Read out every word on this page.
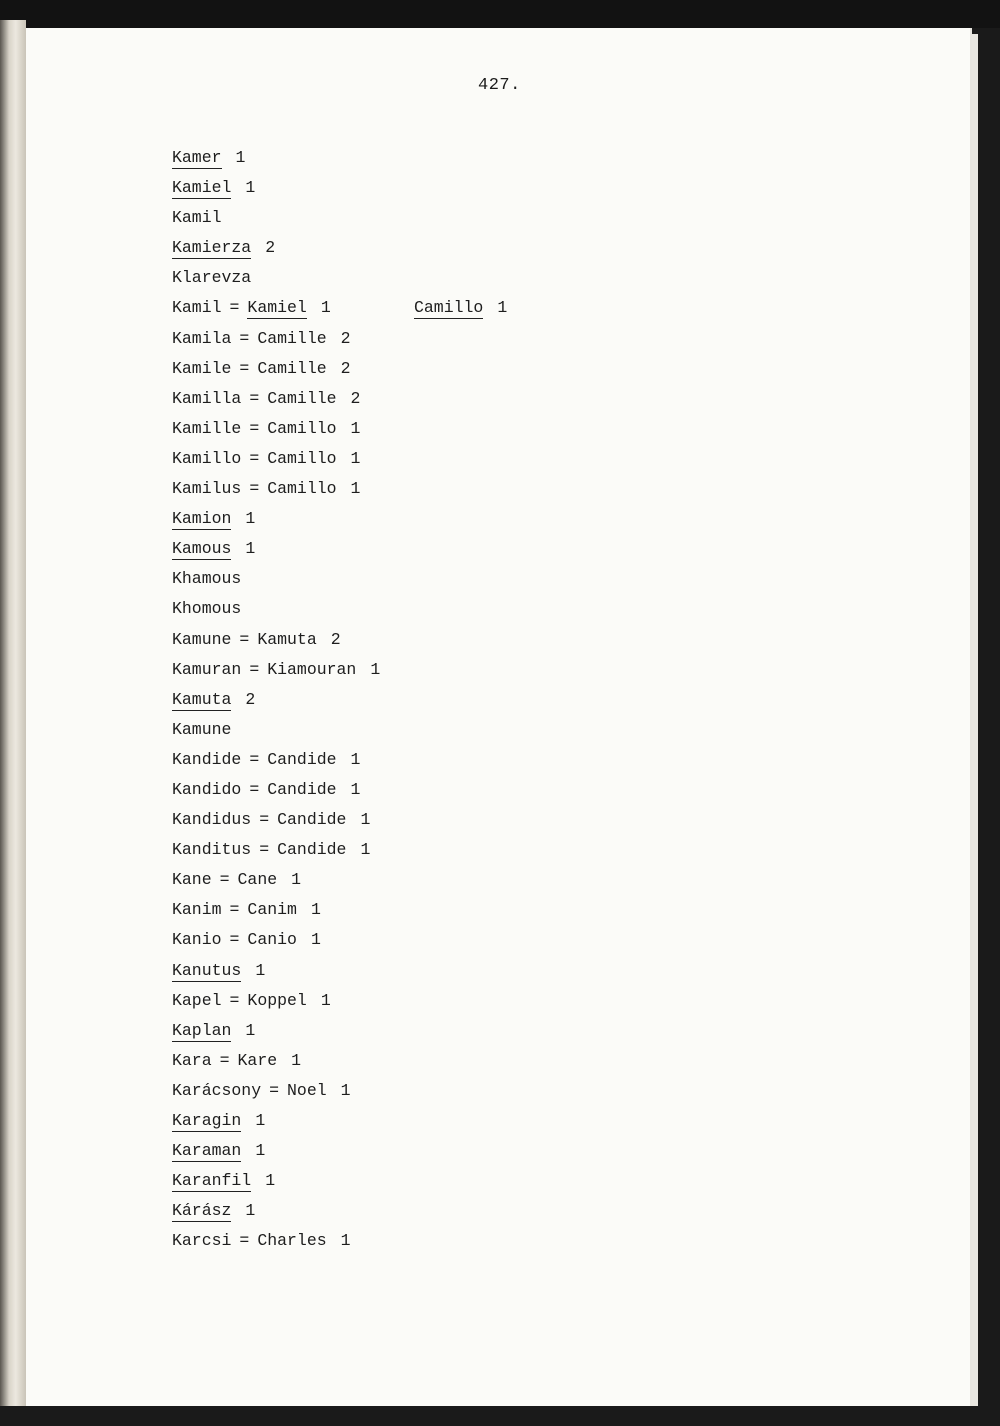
427.
Kamer 1
Kamiel 1
Kamil
Kamierza 2
Klarevza
Kamil = Kamiel 1	Camillo 1
Kamila = Camille 2
Kamile = Camille 2
Kamilla = Camille 2
Kamille = Camillo 1
Kamillo = Camillo 1
Kamilus = Camillo 1
Kamion 1
Kamous 1
Khamous
Khomous
Kamune = Kamuta 2
Kamuran = Kiamouran 1
Kamuta 2
Kamune
Kandide = Candide 1
Kandido = Candide 1
Kandidus = Candide 1
Kanditus = Candide 1
Kane = Cane 1
Kanim = Canim 1
Kanio = Canio 1
Kanutus 1
Kapel = Koppel 1
Kaplan 1
Kara = Kare 1
Karácsony = Noel 1
Karagin 1
Karaman 1
Karanfil 1
Kárász 1
Karcsi = Charles 1
